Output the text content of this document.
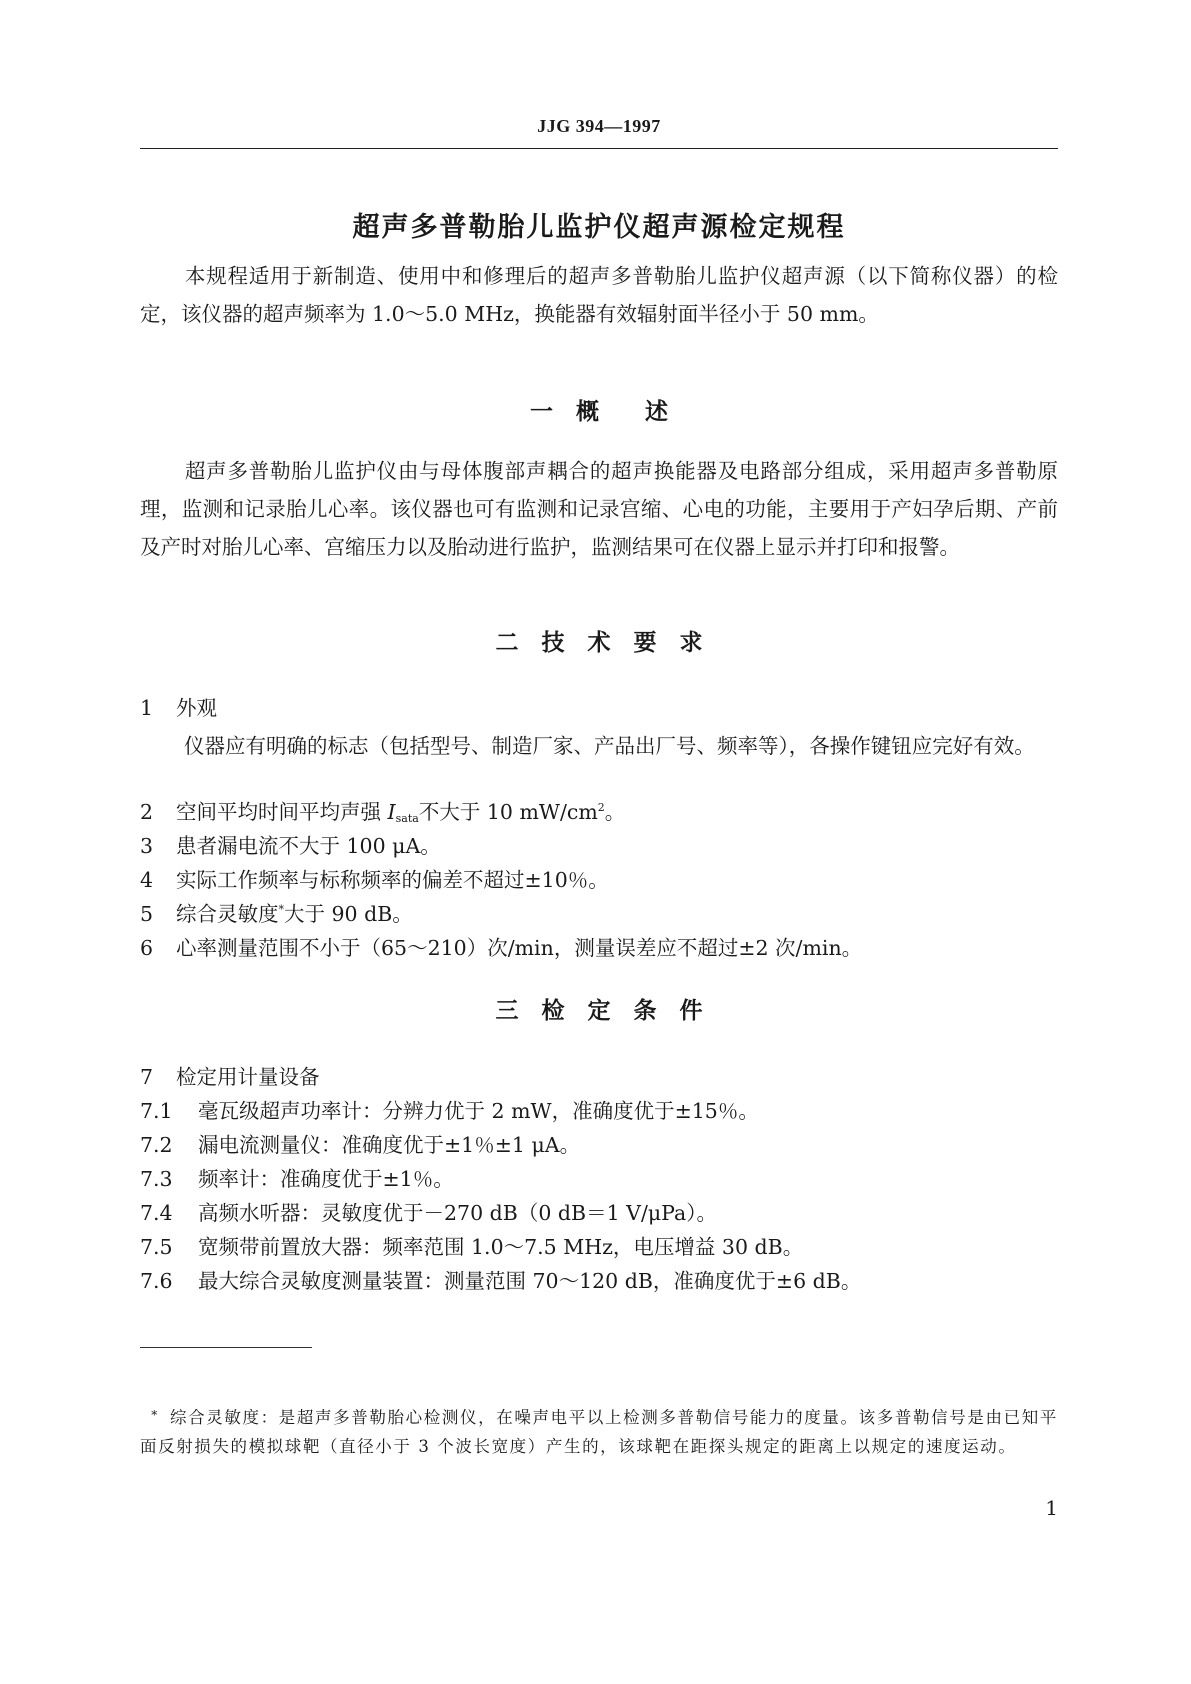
JJG 394—1997
超声多普勒胎儿监护仪超声源检定规程
本规程适用于新制造、使用中和修理后的超声多普勒胎儿监护仪超声源（以下简称仪器）的检定，该仪器的超声频率为 1.0～5.0 MHz，换能器有效辐射面半径小于 50 mm。
一　概　　述
超声多普勒胎儿监护仪由与母体腹部声耦合的超声换能器及电路部分组成，采用超声多普勒原理，监测和记录胎儿心率。该仪器也可有监测和记录宫缩、心电的功能，主要用于产妇孕后期、产前及产时对胎儿心率、宫缩压力以及胎动进行监护，监测结果可在仪器上显示并打印和报警。
二　技　术　要　求
1 外观
仪器应有明确的标志（包括型号、制造厂家、产品出厂号、频率等），各操作键钮应完好有效。
2 空间平均时间平均声强 Isata不大于 10 $mW/cm^2$。
3 患者漏电流不大于 100 μA。
4 实际工作频率与标称频率的偏差不超过±10％。
5 综合灵敏度*大于 90 dB。
6 心率测量范围不小于（65～210）次/min，测量误差应不超过±2 次/min。
三　检　定　条　件
7 检定用计量设备
7.1 毫瓦级超声功率计：分辨力优于 2 mW，准确度优于±15％。
7.2 漏电流测量仪：准确度优于±1％±1 μA。
7.3 频率计：准确度优于±1％。
7.4 高频水听器：灵敏度优于－270 dB（0 dB＝1 V/μPa）。
7.5 宽频带前置放大器：频率范围 1.0～7.5 MHz，电压增益 30 dB。
7.6 最大综合灵敏度测量装置：测量范围 70～120 dB，准确度优于±6 dB。
* 综合灵敏度：是超声多普勒胎心检测仪，在噪声电平以上检测多普勒信号能力的度量。该多普勒信号是由已知平面反射损失的模拟球靶（直径小于 3 个波长宽度）产生的，该球靶在距探头规定的距离上以规定的速度运动。
1
